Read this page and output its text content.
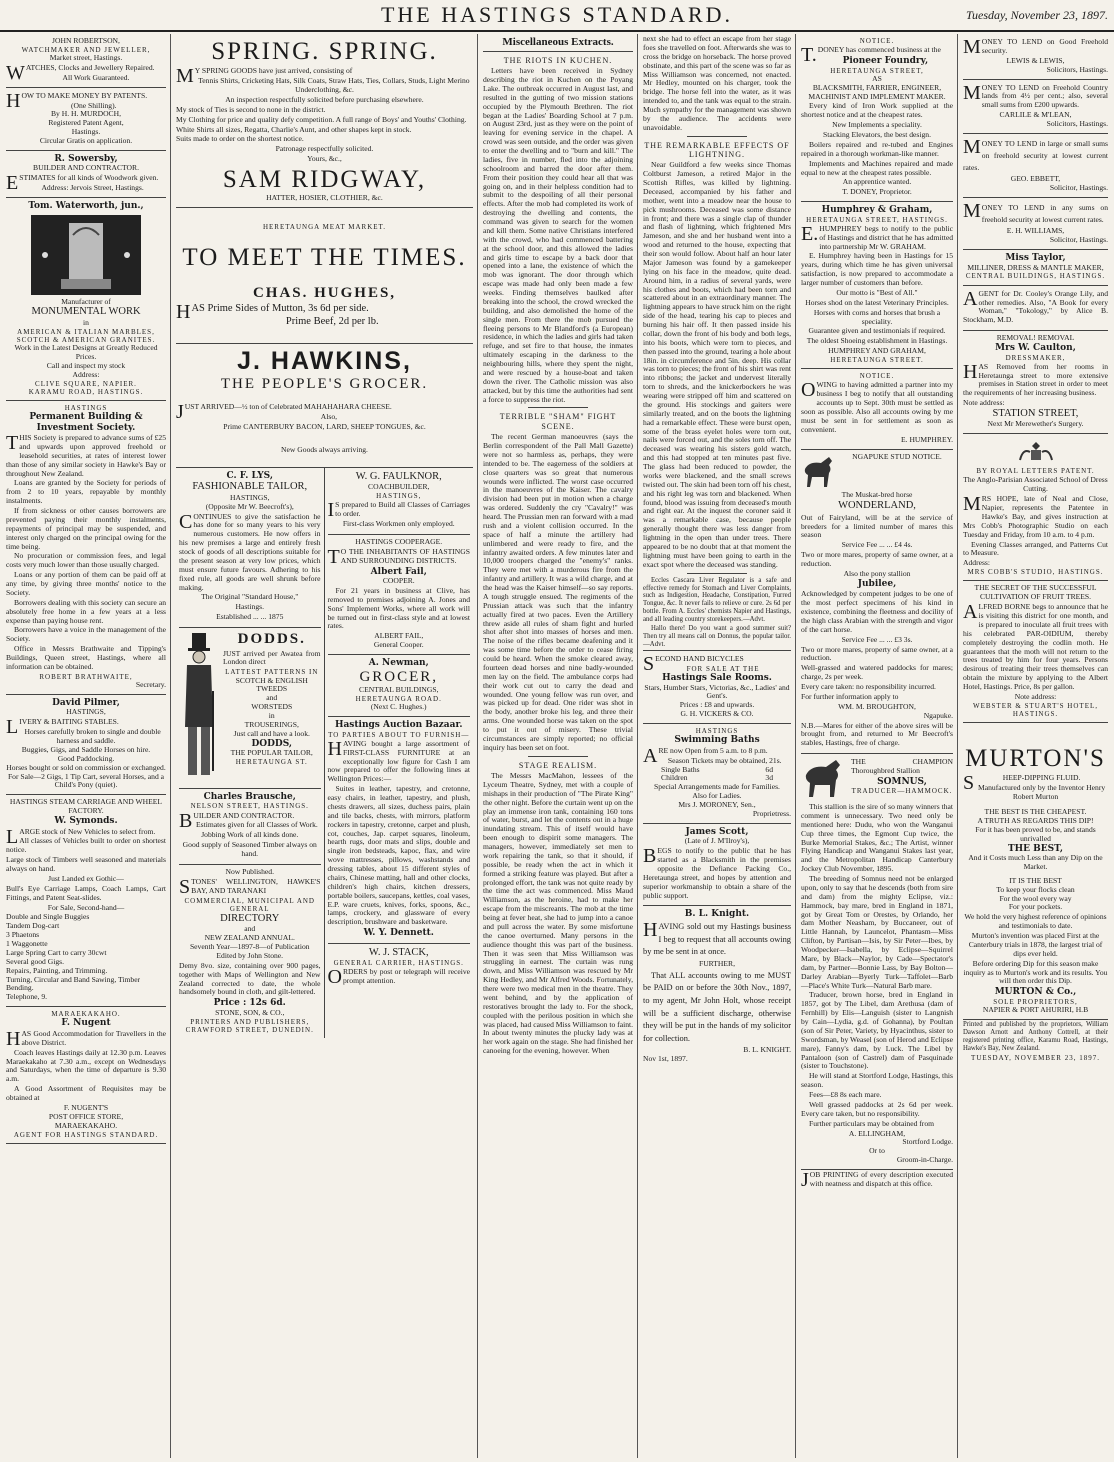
THE HASTINGS STANDARD.	Tuesday, November 23, 1897.
JOHN ROBERTSON,
WATCHMAKER AND JEWELLER,
Market street, Hastings.

WATCHES, Clocks and Jewellery Repaired.

All Work Guaranteed.

HOW TO MAKE MONEY BY PATENTS.

(One Shilling).
By H. H. MURDOCH,
Registered Patent Agent,
Hastings.
Circular Gratis on application.
R. Sowersby,
BUILDER AND CONTRACTOR.

ESTIMATES for all kinds of Woodwork given.

Address: Jervois Street, Hastings.
Tom. Waterworth, jun.,
Manufacturer of
MONUMENTAL WORK
in
AMERICAN & ITALIAN MARBLES,
SCOTCH & AMERICAN GRANITES.
Work in the Latest Designs at Greatly Reduced Prices.
Call and inspect my stock
Address:
CLIVE SQUARE, NAPIER.
KARAMU ROAD, HASTINGS.
HASTINGS
Permanent Building & Investment Society.

THIS Society is prepared to advance sums of £25 and upwards upon approved freehold or leasehold securities, at rates of interest lower than those of any similar society in Hawke's Bay or throughout New Zealand.

Loans are granted by the Society for periods of from 2 to 10 years, repayable by monthly instalments.

If from sickness or other causes borrowers are prevented paying their monthly instalments, repayments of principal may be suspended, and interest only charged on the principal owing for the time being.

No procuration or commission fees, and legal costs very much lower than those usually charged.

Loans or any portion of them can be paid off at any time, by giving three months' notice to the Society.

Borrowers dealing with this society can secure an absolutely free home in a few years at a less expense than paying house rent.

Borrowers have a voice in the management of the Society.

Office in Messrs Brathwaite and Tipping's Buildings, Queen street, Hastings, where all information can be obtained.

ROBERT BRATHWAITE,
Secretary.
David Pilmer,
HASTINGS,

LIVERY & BAITING STABLES.

Horses carefully broken to single and double harness and saddle.
Buggies, Gigs, and Saddle Horses on hire.
Good Paddocking.
Horses bought or sold on commission or exchanged.
For Sale—2 Gigs, 1 Tip Cart, several Horses, and a Child's Pony (quiet).
HASTINGS STEAM CARRIAGE AND WHEEL FACTORY.
W. Symonds.

LARGE stock of New Vehicles to select from.

All classes of Vehicles built to order on shortest notice.

Large stock of Timbers well seasoned and materials always on hand.

Just Landed ex Gothic—

Bull's Eye Carriage Lamps, Coach Lamps, Cart Fittings, and Patent Seat-slides.

For Sale, Second-hand—

Double and Single Buggies
Tandem Dog-cart
3 Phaetons
1 Waggonette
Large Spring Cart to carry 30cwt
Several good Gigs.
Repairs, Painting, and Trimming.
Turning, Circular and Band Sawing, Timber Bending.
Telephone, 9.
MARAEKAKAHO.
F. Nugent

HAS Good Accommodation for Travellers in the above District.

Coach leaves Hastings daily at 12.30 p.m. Leaves Maraekakaho at 7.30 a.m., except on Wednesdays and Saturdays, when the time of departure is 9.30 a.m.

A Good Assortment of Requisites may be obtained at

F. NUGENT'S
POST OFFICE STORE,
MARAEKAKAHO.
AGENT FOR HASTINGS STANDARD.
SPRING. SPRING.

MY SPRING GOODS have just arrived, consisting of

Tennis Shirts, Cricketing Hats, Silk Coats, Straw Hats, Ties, Collars, Studs, Light Merino Underclothing, &c.

An inspection respectfully solicited before purchasing elsewhere.

My stock of Ties is second to none in the district.

My Clothing for price and quality defy competition. A full range of Boys' and Youths' Clothing.

White Shirts all sizes, Regatta, Charlie's Aunt, and other shapes kept in stock.

Suits made to order on the shortest notice.

Patronage respectfully solicited.

Yours, &c.,

SAM RIDGWAY,
HATTER, HOSIER, CLOTHIER, &c.
HERETAUNGA MEAT MARKET.
TO MEET THE TIMES.
CHAS. HUGHES,

HAS Prime Sides of Mutton, 3s 6d per side.

Prime Beef, 2d per lb.

J. HAWKINS,
THE PEOPLE'S GROCER.

JUST ARRIVED—½ ton of Celebrated MAHAHAHARA CHEESE.

Also,

Prime CANTERBURY BACON, LARD, SHEEP TONGUES, &c.

New Goods always arriving.

C. F. LYS,
FASHIONABLE TAILOR,
HASTINGS,
(Opposite Mr W. Beecroft's),

CONTINUES to give the satisfaction he has done for so many years to his very numerous customers. He now offers in his new premises a large and entirely fresh stock of goods of all descriptions suitable for the present season at very low prices, which must ensure future favours. Adhering to his fixed rule, all goods are well shrunk before making.

The Original "Standard House,"

Hastings.

Established ... ... 1875

DODDS.

JUST arrived per Awatea from London direct

LATTEST PATTERNS IN
SCOTCH & ENGLISH TWEEDS
and
WORSTEDS
in
TROUSERINGS,
Just call and have a look.
DODDS,
THE POPULAR TAILOR,
HERETAUNGA ST.
Charles Brausche,
NELSON STREET, HASTINGS.

BUILDER AND CONTRACTOR.

Estimates given for all Classes of Work.

Jobbing Work of all kinds done.

Good supply of Seasoned Timber always on hand.

Now Published.

STONES' WELLINGTON, HAWKE'S BAY, AND TARANAKI

COMMERCIAL, MUNICIPAL AND GENERAL
DIRECTORY
and
NEW ZEALAND ANNUAL.
Seventh Year—1897-8—of Publication
Edited by John Stone.

Demy 8vo. size, containing over 900 pages, together with Maps of Wellington and New Zealand corrected to date, the whole handsomely bound in cloth, and gilt-lettered.

Price : 12s 6d.
STONE, SON, & CO.,
PRINTERS AND PUBLISHERS,
CRAWFORD STREET, DUNEDIN.
W. G. FAULKNOR,
COACHBUILDER,
HASTINGS,

IS prepared to Build all Classes of Carriages to order.

First-class Workmen only employed.

HASTINGS COOPERAGE.

TO THE INHABITANTS OF HASTINGS AND SURROUNDING DISTRICTS.

Albert Fail,
COOPER.

For 21 years in business at Clive, has removed to premises adjoining A. Jones and Sons' Implement Works, where all work will be turned out in first-class style and at lowest rates.

ALBERT FAIL,
General Cooper.
A. Newman,
GROCER,
CENTRAL BUILDINGS,
HERETAUNGA ROAD.
(Next C. Hughes.)
Hastings Auction Bazaar.
TO PARTIES ABOUT TO FURNISH—

HAVING bought a large assortment of FIRST-CLASS FURNITURE at an exceptionally low figure for Cash I am now prepared to offer the following lines at Wellington Prices:—

Suites in leather, tapestry, and cretonne, easy chairs, in leather, tapestry, and plush, chests drawers, all sizes, duchess pairs, plain and tile backs, chests, with mirrors, platform rockers in tapestry, cretonne, carpet and plush, cot, couches, Jap. carpet squares, linoleum, hearth rugs, door mats and slips, double and single iron bedsteads, kapoc, flax, and wire wove mattresses, pillows, washstands and dressing tables, about 15 different styles of chairs, Chinese matting, hall and other clocks, children's high chairs, kitchen dressers, portable boilers, saucepans, kettles, coal vases, E.P. ware cruets, knives, forks, spoons, &c., lamps, crockery, and glassware of every description, brushware and basketware.

W. Y. Dennett.
W. J. STACK,
GENERAL CARRIER, HASTINGS.

ORDERS by post or telegraph will receive prompt attention.

Miscellaneous Extracts.
THE RIOTS IN KUCHEN.

Letters have been received in Sydney describing the riot in Kuchen on the Poyang Lake. The outbreak occurred in August last, and resulted in the gutting of two mission stations occupied by the Plymouth Brethren. The riot began at the Ladies' Boarding School at 7 p.m. on August 23rd, just as they were on the point of leaving for evening service in the chapel. A crowd was seen outside, and the order was given to enter the dwelling and to "burn and kill." The ladies, five in number, fled into the adjoining schoolroom and barred the door after them. From their position they could hear all that was going on, and in their helpless condition had to submit to the despoiling of all their personal effects. After the mob had completed its work of destroying the dwelling and contents, the command was given to search for the women and kill them. Some native Christians interfered with the crowd, who had commenced battering at the school door, and this allowed the ladies and girls time to escape by a back door that opened into a lane, the existence of which the mob was ignorant. The door through which escape was made had only been made a few weeks. Finding themselves baulked after breaking into the school, the crowd wrecked the building, and also demolished the home of the single men. From there the mob pursued the fleeing persons to Mr Blandford's (a European) residence, in which the ladies and girls had taken refuge, and set fire to that house, the inmates ultimately escaping in the darkness to the neighbouring hills, where they spent the night, and were rescued by a house-boat and taken down the river. The Catholic mission was also attacked, but by this time the authorities had sent a force to suppress the riot.

TERRIBLE "SHAM" FIGHT SCENE.

The recent German manoeuvres (says the Berlin correspondent of the Pall Mall Gazette) were not so harmless as, perhaps, they were intended to be. The eagerness of the soldiers at close quarters was so great that numerous wounds were inflicted. The worst case occurred in the manoeuvres of the Kaiser. The cavalry division had been put in motion when a charge was ordered. Suddenly the cry "Cavalry!" was heard. The Prussian men ran forward with a mad rush and a violent collision occurred. In the space of half a minute the artillery had unlimbered and were ready to fire, and the infantry awaited orders. A few minutes later and 10,000 troopers charged the "enemy's" ranks. They were met with a murderous fire from the infantry and artillery. It was a wild charge, and at the head was the Kaiser himself—so say reports. A tough struggle ensued. The regiments of the Prussian attack was such that the infantry actually fired at two paces. Even the Artillery threw aside all rules of sham fight and hurled shot after shot into masses of horses and men. The noise of the rifles became deafening and it was some time before the order to cease firing could be heard. When the smoke cleared away, fourteen dead horses and nine badly-wounded men lay on the field. The ambulance corps had their work cut out to carry the dead and wounded. One young fellow was run over, and was picked up for dead. One rider was shot in the body, another broke his leg, and three their arms. One wounded horse was taken on the spot to put it out of misery. These trivial circumstances are simply reported; no official inquiry has been set on foot.

STAGE REALISM.

The Messrs MacMahon, lessees of the Lyceum Theatre, Sydney, met with a couple of mishaps in their production of "The Pirate King" the other night. Before the curtain went up on the play an immense iron tank, containing 160 tons of water, burst, and let the contents out in a huge inundating stream. This of itself would have been enough to dispirit some managers. The managers, however, immediately set men to work repairing the tank, so that it should, if possible, be ready when the act in which it formed a striking feature was played. But after a prolonged effort, the tank was not quite ready by the time the act was commenced. Miss Maud Williamson, as the heroine, had to make her escape from the miscreants. The mob at the time being at fever heat, she had to jump into a canoe and pull across the water. By some misfortune the canoe overturned. Many persons in the audience thought this was part of the business. Then it was seen that Miss Williamson was struggling in earnest. The curtain was rung down, and Miss Williamson was rescued by Mr King Hedley, and Mr Alfred Woods. Fortunately, there were two medical men in the theatre. They went behind, and by the application of restoratives brought the lady to. For the shock, coupled with the perilous position in which she was placed, had caused Miss Williamson to faint. In about twenty minutes the plucky lady was at her work again on the stage. She had finished her canoeing for the evening, however. When

next she had to effect an escape from her stage foes she travelled on foot. Afterwards she was to cross the bridge on horseback. The horse proved obstinate, and this part of the scene was so far as Miss Williamson was concerned, not enacted. Mr Hedley, mounted on his charger, took the bridge. The horse fell into the water, as it was intended to, and the tank was equal to the strain. Much sympathy for the management was shown by the audience. The accidents were unavoidable.

THE REMARKABLE EFFECTS OF LIGHTNING.

Near Guildford a few weeks since Thomas Coltburst Jameson, a retired Major in the Scottish Rifles, was killed by lightning. Deceased, accompanied by his father and mother, went into a meadow near the house to pick mushrooms. Deceased was some distance in front; and there was a single clap of thunder and flash of lightning, which frightened Mrs Jameson, and she and her husband went into a wood and returned to the house, expecting that their son would follow. About half an hour later Major Jameson was found by a gamekeeper lying on his face in the meadow, quite dead. Around him, in a radius of several yards, were his clothes and boots, which had been torn and scattered about in an extraordinary manner. The lightning appears to have struck him on the right side of the head, tearing his cap to pieces and burning his hair off. It then passed inside his collar, down the front of his body and both legs, into his boots, which were torn to pieces, and then passed into the ground, tearing a hole about 18in. in circumference and 5in. deep. His collar was torn to pieces; the front of his shirt was rent into ribbons; the jacket and undervest literally torn to shreds, and the knickerbockers he was wearing were stripped off him and scattered on the ground. His stockings and gaiters were similarly treated, and on the boots the lightning had a remarkable effect. These were burst open, some of the brass eyelet holes were torn out, nails were forced out, and the soles torn off. The deceased was wearing his sisters gold watch, and this had stopped at ten minutes past five. The glass had been reduced to powder, the works were blackened, and the small screws twisted out. The skin had been torn off his chest, and his right leg was torn and blackened. When found, blood was issuing from deceased's mouth and right ear. At the inquest the coroner said it was a remarkable case, because people generally thought there was less danger from lightning in the open than under trees. There appeared to be no doubt that at that moment the lightning must have been going to earth in the exact spot where the deceased was standing.

Eccles Cascara Liver Regulator is a safe and effective remedy for Stomach and Liver Complaints, such as Indigestion, Headache, Constipation, Furred Tongue, &c. It never fails to relieve or cure. 2s 6d per bottle. From A. Eccles' chemists Napier and Hastings, and all leading country storekeepers.—Advt.

Hallo there! Do you want a good summer suit? Then try all means call on Donnus, the popular tailor.—Advt.

SECOND HAND BICYCLES

FOR SALE AT THE
Hastings Sale Rooms.
Stars, Humber Stars, Victorias, &c., Ladies' and Gent's.
Prices : £8 and upwards.
G. H. VICKERS & CO.
HASTINGS
Swimming Baths

ARE now Open from 5 a.m. to 8 p.m.

Season Tickets may be obtained, 21s.
Single Baths	6d
Children	3d
Special Arrangements made for Families.
Also for Ladies.
Mrs J. MORONEY, Sen.,
Proprietress.
James Scott,
(Late of J. M'Ilroy's),

BEGS to notify to the public that he has started as a Blacksmith in the premises opposite the Defiance Packing Co., Heretaunga street, and hopes by attention and superior workmanship to obtain a share of the public support.

B. L. Knight.

HAVING sold out my Hastings business I beg to request that all accounts owing by me be sent in at once.

FURTHER,

That ALL accounts owing to me MUST be PAID on or before the 30th Nov., 1897, to my agent, Mr John Holt, whose receipt will be a sufficient discharge, otherwise they will be put in the hands of my solicitor for collection.

B. L. KNIGHT.
Nov 1st, 1897.
NOTICE.

T.DONEY has commenced business at the

Pioneer Foundry,
HERETAUNGA STREET,
AS
BLACKSMITH, FARRIER, ENGINEER, MACHINIST AND IMPLEMENT MAKER.

Every kind of Iron Work supplied at the shortest notice and at the cheapest rates.

New Implements a speciality.

Stacking Elevators, the best design.

Boilers repaired and re-tubed and Engines repaired in a thorough workman-like manner.

Implements and Machines repaired and made equal to new at the cheapest rates possible.

An apprentice wanted.

T. DONEY, Proprietor.
Humphrey & Graham,
HERETAUNGA STREET, HASTINGS.

E.HUMPHREY begs to notify to the public of Hastings and district that he has admitted into partnership Mr W. GRAHAM.

E. Humphrey having been in Hastings for 15 years, during which time he has given universal satisfaction, is now prepared to accommodate a larger number of customers than before.

Our motto is "Best of All."

Horses shod on the latest Veterinary Principles.

Horses with corns and horses that brush a speciality.

Guarantee given and testimonials if required.

The oldest Shoeing establishment in Hastings.

HUMPHREY AND GRAHAM,
HERETAUNGA STREET.
NOTICE.

OWING to having admitted a partner into my business I beg to notify that all outstanding accounts up to Sept. 30th must be settled as soon as possible. Also all accounts owing by me must be sent in for settlement as soon as convenient.

E. HUMPHREY.
NGAPUKE STUD NOTICE.
The Muskat-bred horse
WONDERLAND,

Out of Fairyland, will be at the service of breeders for a limited number of mares this season

Service Fee ... ... £4 4s.

Two or more mares, property of same owner, at a reduction.

Also the pony stallion
Jubilee,

Acknowledged by competent judges to be one of the most perfect specimens of his kind in existence, combining the fleetness and docility of the high class Arabian with the strength and vigor of the cart horse.

Service Fee ... ... £3 3s.

Two or more mares, property of same owner, at a reduction.

Well-grassed and watered paddocks for mares; charge, 2s per week.

Every care taken: no responsibility incurred.

For further information apply to

WM. M. BROUGHTON,
Ngapuke.

N.B.—Mares for either of the above sires will be brought from, and returned to Mr Beecroft's stables, Hastings, free of charge.

THE CHAMPION Thoroughbred Stallion

SOMNUS,
TRADUCER—HAMMOCK.

This stallion is the sire of so many winners that comment is unnecessary. Two need only be mentioned here: Dudu, who won the Wanganui Cup three times, the Egmont Cup twice, the Burke Memorial Stakes, &c.; The Artist, winner Flying Handicap and Wanganui Stakes last year, and the Metropolitan Handicap Canterbury Jockey Club November, 1895.

The breeding of Somnus need not be enlarged upon, only to say that he descends (both from sire and dam) from the mighty Eclipse, viz.: Hammock, bay mare, bred in England in 1871, got by Great Tom or Orestes, by Orlando, her dam Mother Neasham, by Buccaneer, out of Little Hannah, by Launcelot, Phantasm—Miss Clifton, by Partisan—Isis, by Sir Peter—Ibes, by Woodpecker—Isabella, by Eclipse—Squirrel Mare, by Black—Naylor, by Cade—Spectator's dam, by Partner—Bonnie Lass, by Bay Bolton—Darley Arabian—Byerly Turk—Taffolet—Barb—Place's White Turk—Natural Barb mare.

Traducer, brown horse, bred in England in 1857, got by The Libel, dam Arethusa (dam of Fernhill) by Elis—Languish (sister to Langnish by Cain—Lydia, g.d. of Gohanna), by Poultan (son of Sir Peter, Variety, by Hyacinthus, sister to Swordsman, by Weasel (son of Herod and Eclipse mare), Fanny's dam, by Luck. The Libel by Pantaloon (son of Castrel) dam of Pasquinade (sister to Touchstone).

He will stand at Stortford Lodge, Hastings, this season.

Fees—£8 8s each mare.

Well grassed paddocks at 2s 6d per week. Every care taken, but no responsibility.

Further particulars may be obtained from

A. ELLINGHAM,
Stortford Lodge.
Or to
Groom-in-Charge.

JOB PRINTING of every description executed with neatness and dispatch at this office.

MONEY TO LEND on Good Freehold security.

LEWIS & LEWIS,
Solicitors, Hastings.

MONEY TO LEND on Freehold Country lands from 4½ per cent.; also, several small sums from £200 upwards.

CARLILE & M'LEAN,
Solicitors, Hastings.

MONEY TO LEND in large or small sums on freehold security at lowest current rates.

GEO. EBBETT,
Solicitor, Hastings.

MONEY TO LEND in any sums on freehold security at lowest current rates.

E. H. WILLIAMS,
Solicitor, Hastings.
Miss Taylor,
MILLINER, DRESS & MANTLE MAKER,
CENTRAL BUILDINGS, HASTINGS.

AGENT for Dr. Cooley's Orange Lily, and other remedies. Also, "A Book for every Woman," "Tokology," by Alice B. Stockham, M.D.

REMOVAL! REMOVAL
Mrs W. Caulton,
DRESSMAKER,

HAS Removed from her rooms in Heretaunga street to more extensive premises in Station street in order to meet the requirements of her increasing business.

Note address:
STATION STREET,
Next Mr Merewether's Surgery.
BY ROYAL LETTERS PATENT.

The Anglo-Parisian Associated School of Dress Cutting.

MRS HOPE, late of Neal and Close, Napier, represents the Patentee in Hawke's Bay, and gives instruction at Mrs Cobb's Photographic Studio on each Tuesday and Friday, from 10 a.m. to 4 p.m.

Evening Classes arranged, and Patterns Cut to Measure.

Address:
MRS COBB'S STUDIO, HASTINGS.
THE SECRET OF THE SUCCESSFUL CULTIVATION OF FRUIT TREES.

ALFRED BORNE begs to announce that he is visiting this district for one month, and is prepared to inoculate all fruit trees with his celebrated PAR-OIDIUM, thereby completely destroying the codlin moth. He guarantees that the moth will not return to the trees treated by him for four years. Persons desirous of treating their trees themselves can obtain the mixture by applying to the Albert Hotel, Hastings. Price, 8s per gallon.

Note address:
WEBSTER & STUART'S HOTEL, HASTINGS.
MURTON'S

SHEEP-DIPPING FLUID.

Manufactured only by the Inventor Henry Robert Murton
THE BEST IS THE CHEAPEST.
A TRUTH AS REGARDS THIS DIP!
For it has been proved to be, and stands unrivalled
THE BEST,
And it Costs much Less than any Dip on the Market.
IT IS THE BEST
To keep your flocks clean
For the wool every way
For your pockets.

We hold the very highest reference of opinions and testimonials to date.

Murton's invention was placed First at the Canterbury trials in 1878, the largest trial of dips ever held.

Before ordering Dip for this season make inquiry as to Murton's work and its results. You will then order this Dip.

MURTON & Co.,
SOLE PROPRIETORS,
NAPIER & PORT AHURIRI, H.B

Printed and published by the proprietors, William Dawson Arnott and Anthony Cottrell, at their registered printing office, Karamu Road, Hastings, Hawke's Bay, New Zealand.

TUESDAY, NOVEMBER 23, 1897.
